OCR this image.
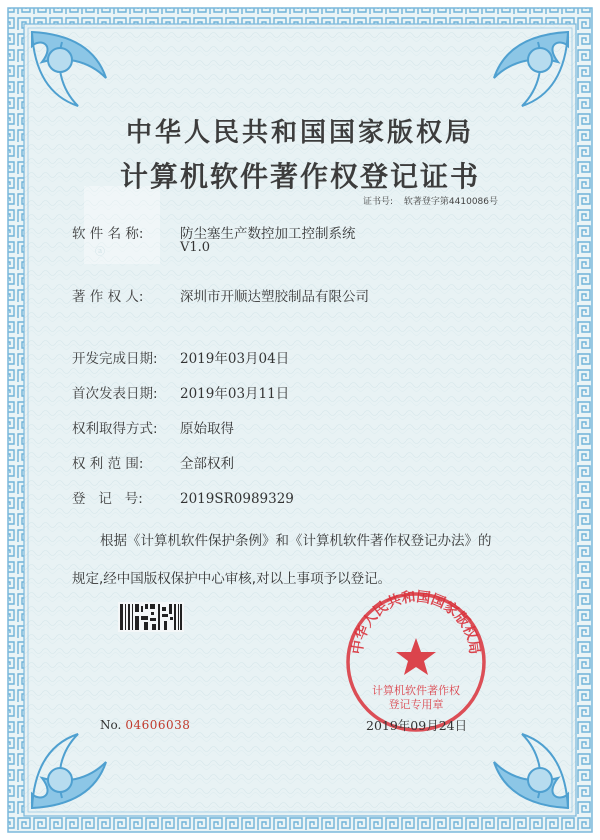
ⓐ
中华人民共和国国家版权局
计算机软件著作权登记证书
证书号: 软著登字第4410086号
软 件 名 称:	防尘塞生产数控加工控制系统
V1.0
著 作 权 人:	深圳市开顺达塑胶制品有限公司
开发完成日期: 2019年03月04日
首次发表日期: 2019年03月11日
权利取得方式: 原始取得
权 利 范 围:	全部权利
登   记   号:	2019SR0989329
根据《计算机软件保护条例》和《计算机软件著作权登记办法》的
规定,经中国版权保护中心审核,对以上事项予以登记。
No. 04606038
中华人民共和国国家版权局
计算机软件著作权
登记专用章
2019年09月24日
